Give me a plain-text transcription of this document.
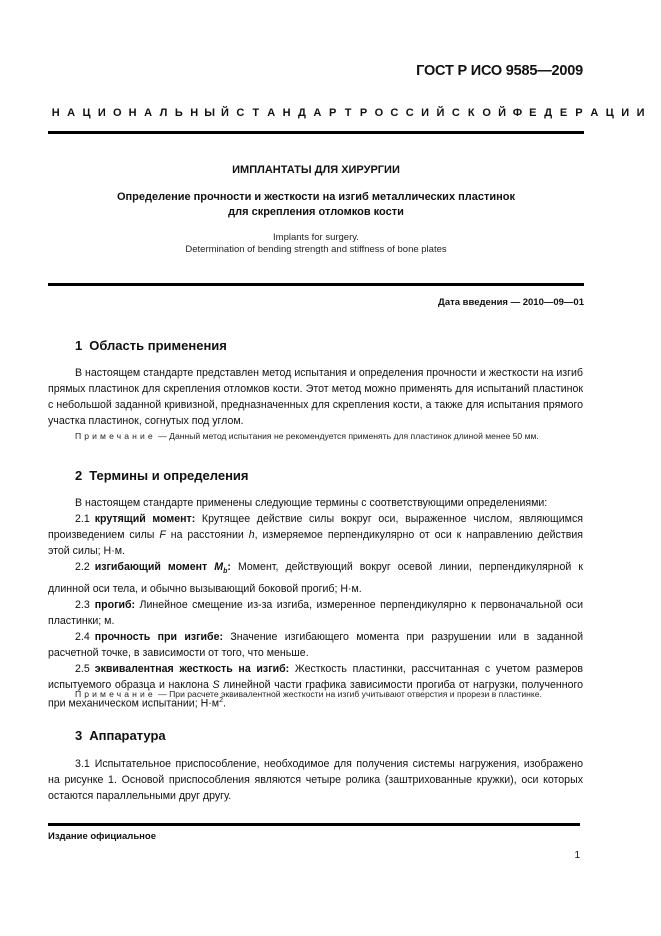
ГОСТ Р ИСО 9585—2009
Н А Ц И О Н А Л Ь Н Ы Й С Т А Н Д А Р Т Р О С С И Й С К О Й Ф Е Д Е Р А Ц И И
ИМПЛАНТАТЫ ДЛЯ ХИРУРГИИ
Определение прочности и жесткости на изгиб металлических пластинок
для скрепления отломков кости
Implants for surgery.
Determination of bending strength and stiffness of bone plates
Дата введения — 2010—09—01
1 Область применения

В настоящем стандарте представлен метод испытания и определения прочности и жесткости на изгиб прямых пластинок для скрепления отломков кости. Этот метод можно применять для испытаний пластинок с небольшой заданной кривизной, предназначенных для скрепления кости, а также для испытания прямого участка пластинок, согнутых под углом.

Примечание — Данный метод испытания не рекомендуется применять для пластинок длиной менее 50 мм.

2 Термины и определения

В настоящем стандарте применены следующие термины с соответствующими определениями:

2.1 крутящий момент: Крутящее действие силы вокруг оси, выраженное числом, являющимся произведением силы F на расстоянии h, измеряемое перпендикулярно от оси к направлению действия этой силы; Н·м.

2.2 изгибающий момент $M_b$: Момент, действующий вокруг осевой линии, перпендикулярной к длинной оси тела, и обычно вызывающий боковой прогиб; Н·м.

2.3 прогиб: Линейное смещение из-за изгиба, измеренное перпендикулярно к первоначальной оси пластинки; м.

2.4 прочность при изгибе: Значение изгибающего момента при разрушении или в заданной расчетной точке, в зависимости от того, что меньше.

2.5 эквивалентная жесткость на изгиб: Жесткость пластинки, рассчитанная с учетом размеров испытуемого образца и наклона S линейной части графика зависимости прогиба от нагрузки, полученного при механическом испытании; $Н\cdot м^2$.

Примечание — При расчете эквивалентной жесткости на изгиб учитывают отверстия и прорези в пластинке.

3 Аппаратура

3.1 Испытательное приспособление, необходимое для получения системы нагружения, изображено на рисунке 1. Основой приспособления являются четыре ролика (заштрихованные кружки), оси которых остаются параллельными друг другу.

Издание официальное
1
